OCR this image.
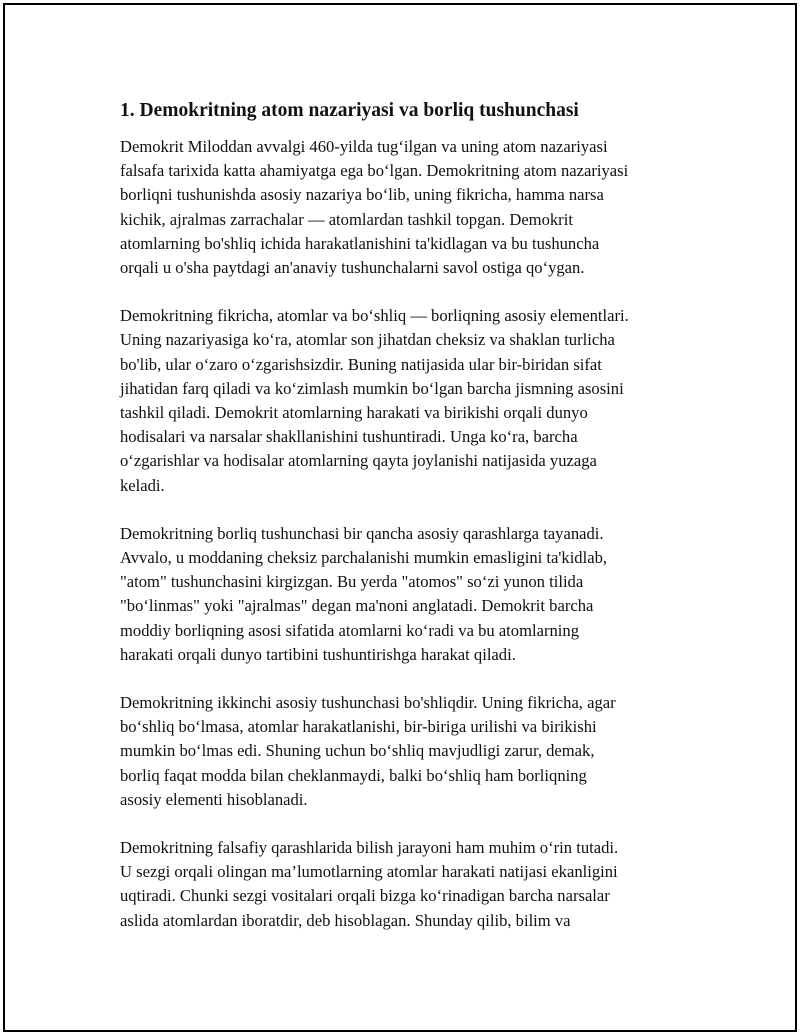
1. Demokritning atom nazariyasi va borliq tushunchasi

Demokrit Miloddan avvalgi 460-yilda tug‘ilgan va uning atom nazariyasi
falsafa tarixida katta ahamiyatga ega bo‘lgan. Demokritning atom nazariyasi
borliqni tushunishda asosiy nazariya bo‘lib, uning fikricha, hamma narsa
kichik, ajralmas zarrachalar — atomlardan tashkil topgan. Demokrit
atomlarning bo'shliq ichida harakatlanishini ta'kidlagan va bu tushuncha
orqali u o'sha paytdagi an'anaviy tushunchalarni savol ostiga qo‘ygan.

Demokritning fikricha, atomlar va bo‘shliq — borliqning asosiy elementlari.
Uning nazariyasiga ko‘ra, atomlar son jihatdan cheksiz va shaklan turlicha
bo'lib, ular o‘zaro o‘zgarishsizdir. Buning natijasida ular bir-biridan sifat
jihatidan farq qiladi va ko‘zimlash mumkin bo‘lgan barcha jismning asosini
tashkil qiladi. Demokrit atomlarning harakati va birikishi orqali dunyo
hodisalari va narsalar shakllanishini tushuntiradi. Unga ko‘ra, barcha
o‘zgarishlar va hodisalar atomlarning qayta joylanishi natijasida yuzaga
keladi.

Demokritning borliq tushunchasi bir qancha asosiy qarashlarga tayanadi.
Avvalo, u moddaning cheksiz parchalanishi mumkin emasligini ta'kidlab,
"atom" tushunchasini kirgizgan. Bu yerda "atomos" so‘zi yunon tilida
"bo‘linmas" yoki "ajralmas" degan ma'noni anglatadi. Demokrit barcha
moddiy borliqning asosi sifatida atomlarni ko‘radi va bu atomlarning
harakati orqali dunyo tartibini tushuntirishga harakat qiladi.

Demokritning ikkinchi asosiy tushunchasi bo'shliqdir. Uning fikricha, agar
bo‘shliq bo‘lmasa, atomlar harakatlanishi, bir-biriga urilishi va birikishi
mumkin bo‘lmas edi. Shuning uchun bo‘shliq mavjudligi zarur, demak,
borliq faqat modda bilan cheklanmaydi, balki bo‘shliq ham borliqning
asosiy elementi hisoblanadi.

Demokritning falsafiy qarashlarida bilish jarayoni ham muhim o‘rin tutadi.
U sezgi orqali olingan ma’lumotlarning atomlar harakati natijasi ekanligini
uqtiradi. Chunki sezgi vositalari orqali bizga ko‘rinadigan barcha narsalar
aslida atomlardan iboratdir, deb hisoblagan. Shunday qilib, bilim va
